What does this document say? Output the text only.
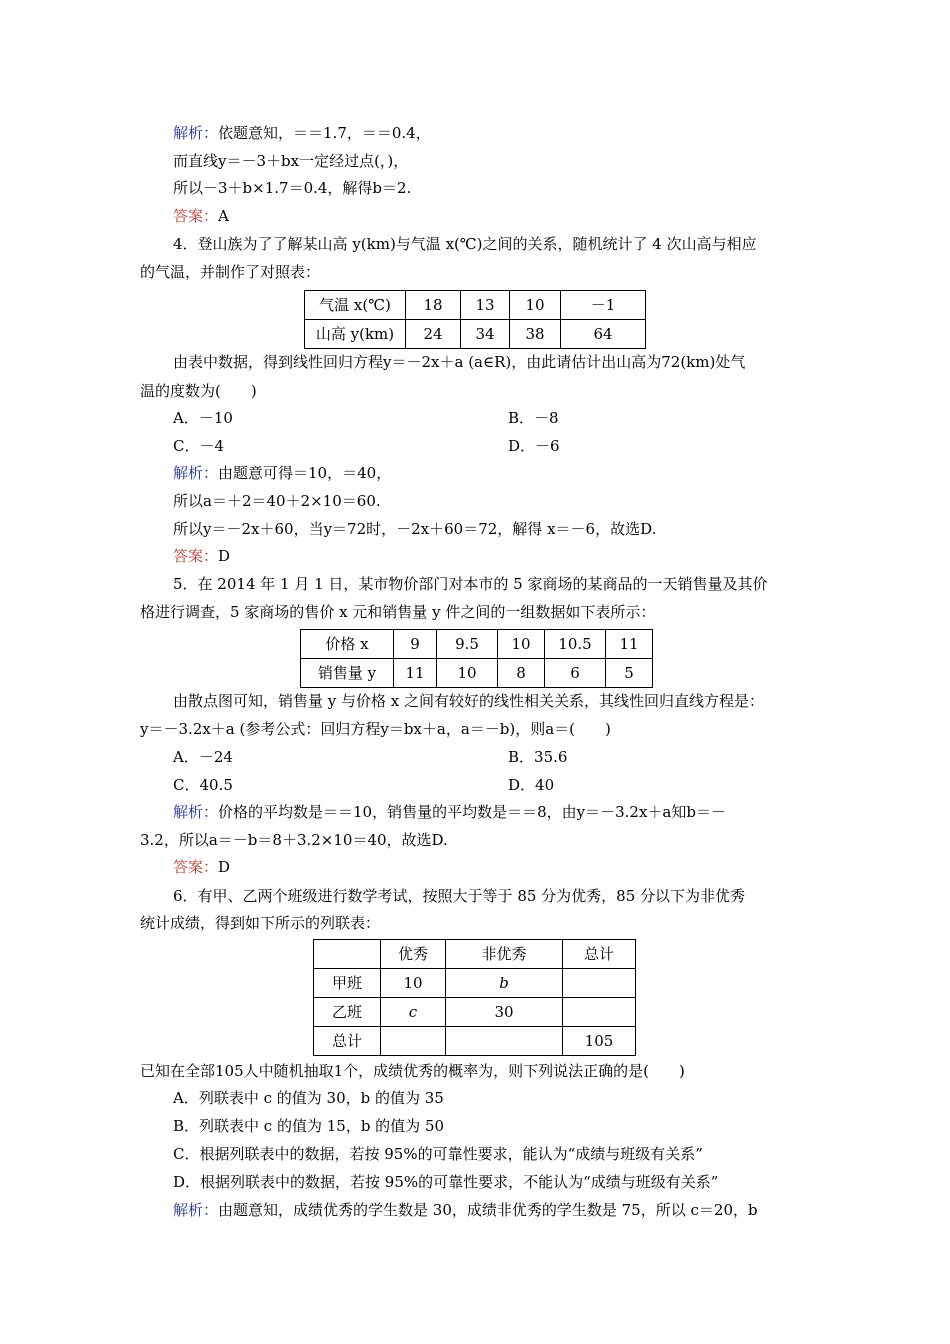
解析：依题意知，＝＝1.7，＝＝0.4，
而直线y＝－3＋bx一定经过点(，)，
所以－3＋b×1.7＝0.4，解得b＝2.
答案：A
4．登山族为了了解某山高 y(km)与气温 x(℃)之间的关系，随机统计了 4 次山高与相应
的气温，并制作了对照表：
气温 x(℃)	18	13	10	－1
山高 y(km)	24	34	38	64
由表中数据，得到线性回归方程y＝－2x＋a (a∈R)，由此请估计出山高为72(km)处气
温的度数为(　　)
A．－10	B．－8
C．－4	D．－6
解析：由题意可得＝10，＝40，
所以a＝＋2＝40＋2×10＝60.
所以y＝－2x＋60，当y＝72时，－2x＋60＝72，解得 x＝－6，故选D.
答案：D
5．在 2014 年 1 月 1 日，某市物价部门对本市的 5 家商场的某商品的一天销售量及其价
格进行调查，5 家商场的售价 x 元和销售量 y 件之间的一组数据如下表所示：
价格 x	9	9.5	10	10.5	11
销售量 y	11	10	8	6	5
由散点图可知，销售量 y 与价格 x 之间有较好的线性相关关系，其线性回归直线方程是：
y＝－3.2x＋a (参考公式：回归方程y＝bx＋a，a＝－b)，则a＝(　　)
A．－24	B．35.6
C．40.5	D．40
解析：价格的平均数是＝＝10，销售量的平均数是＝＝8，由y＝－3.2x＋a知b＝－
3.2，所以a＝－b＝8＋3.2×10＝40，故选D.
答案：D
6．有甲、乙两个班级进行数学考试，按照大于等于 85 分为优秀，85 分以下为非优秀
统计成绩，得到如下所示的列联表：
	优秀	非优秀	总计
甲班	10	b	
乙班	c	30	
总计			105
已知在全部105人中随机抽取1个，成绩优秀的概率为，则下列说法正确的是(　　)
A．列联表中 c 的值为 30，b 的值为 35
B．列联表中 c 的值为 15，b 的值为 50
C．根据列联表中的数据，若按 95%的可靠性要求，能认为“成绩与班级有关系”
D．根据列联表中的数据，若按 95%的可靠性要求，不能认为“成绩与班级有关系”
解析：由题意知，成绩优秀的学生数是 30，成绩非优秀的学生数是 75，所以 c＝20，b
